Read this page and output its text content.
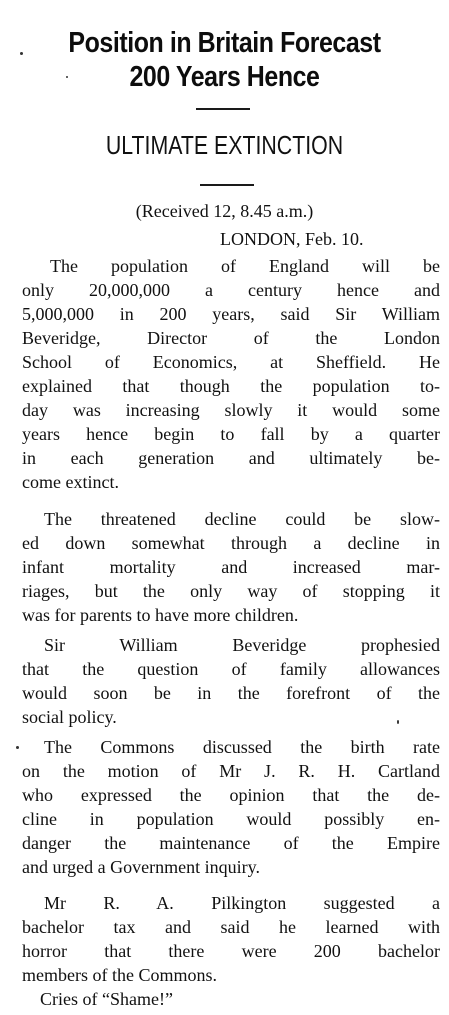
Position in Britain Forecast
200 Years Hence
ULTIMATE EXTINCTION
(Received 12, 8.45 a.m.)
LONDON, Feb. 10.
The population of England will be
only 20,000,000 a century hence and
5,000,000 in 200 years, said Sir William
Beveridge, Director of the London
School of Economics, at Sheffield. He
explained that though the population to-
day was increasing slowly it would some
years hence begin to fall by a quarter
in each generation and ultimately be-
come extinct.
The threatened decline could be slow-
ed down somewhat through a decline in
infant mortality and increased mar-
riages, but the only way of stopping it
was for parents to have more children.
Sir William Beveridge prophesied
that the question of family allowances
would soon be in the forefront of the
social policy.
The Commons discussed the birth rate
on the motion of Mr J. R. H. Cartland
who expressed the opinion that the de-
cline in population would possibly en-
danger the maintenance of the Empire
and urged a Government inquiry.
Mr R. A. Pilkington suggested a
bachelor tax and said he learned with
horror that there were 200 bachelor
members of the Commons.
Cries of “Shame!”
